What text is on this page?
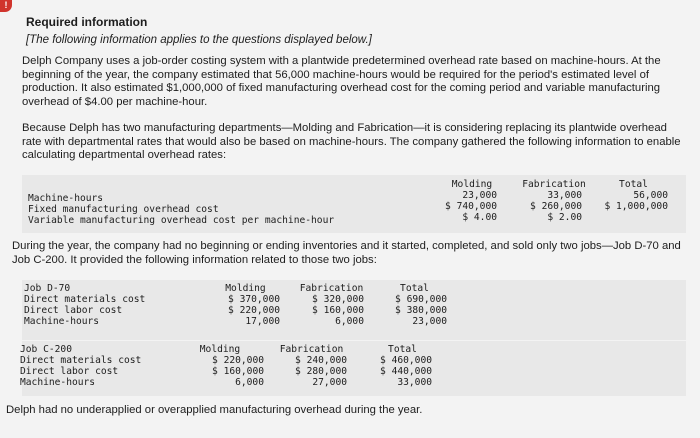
!
Required information
[The following information applies to the questions displayed below.]

Delph Company uses a job-order costing system with a plantwide predetermined overhead rate based on machine-hours. At the beginning of the year, the company estimated that 56,000 machine-hours would be required for the period's estimated level of production. It also estimated $1,000,000 of fixed manufacturing overhead cost for the coming period and variable manufacturing overhead of $4.00 per machine-hour.

Because Delph has two manufacturing departments—Molding and Fabrication—it is considering replacing its plantwide overhead rate with departmental rates that would also be based on machine-hours. The company gathered the following information to enable calculating departmental overhead rates:

Molding	Fabrication	Total
Machine-hours	23,000	33,000	56,000
Fixed manufacturing overhead cost	$ 740,000	$ 260,000	$ 1,000,000
Variable manufacturing overhead cost per machine-hour	$ 4.00	$ 2.00

During the year, the company had no beginning or ending inventories and it started, completed, and sold only two jobs—Job D-70 and Job C-200. It provided the following information related to those two jobs:

Job D-70	Molding	Fabrication	Total
Direct materials cost	$ 370,000	$ 320,000	$ 690,000
Direct labor cost	$ 220,000	$ 160,000	$ 380,000
Machine-hours	17,000	6,000	23,000
Job C-200	Molding	Fabrication	Total
Direct materials cost	$ 220,000	$ 240,000	$ 460,000
Direct labor cost	$ 160,000	$ 280,000	$ 440,000
Machine-hours	6,000	27,000	33,000

Delph had no underapplied or overapplied manufacturing overhead during the year.
